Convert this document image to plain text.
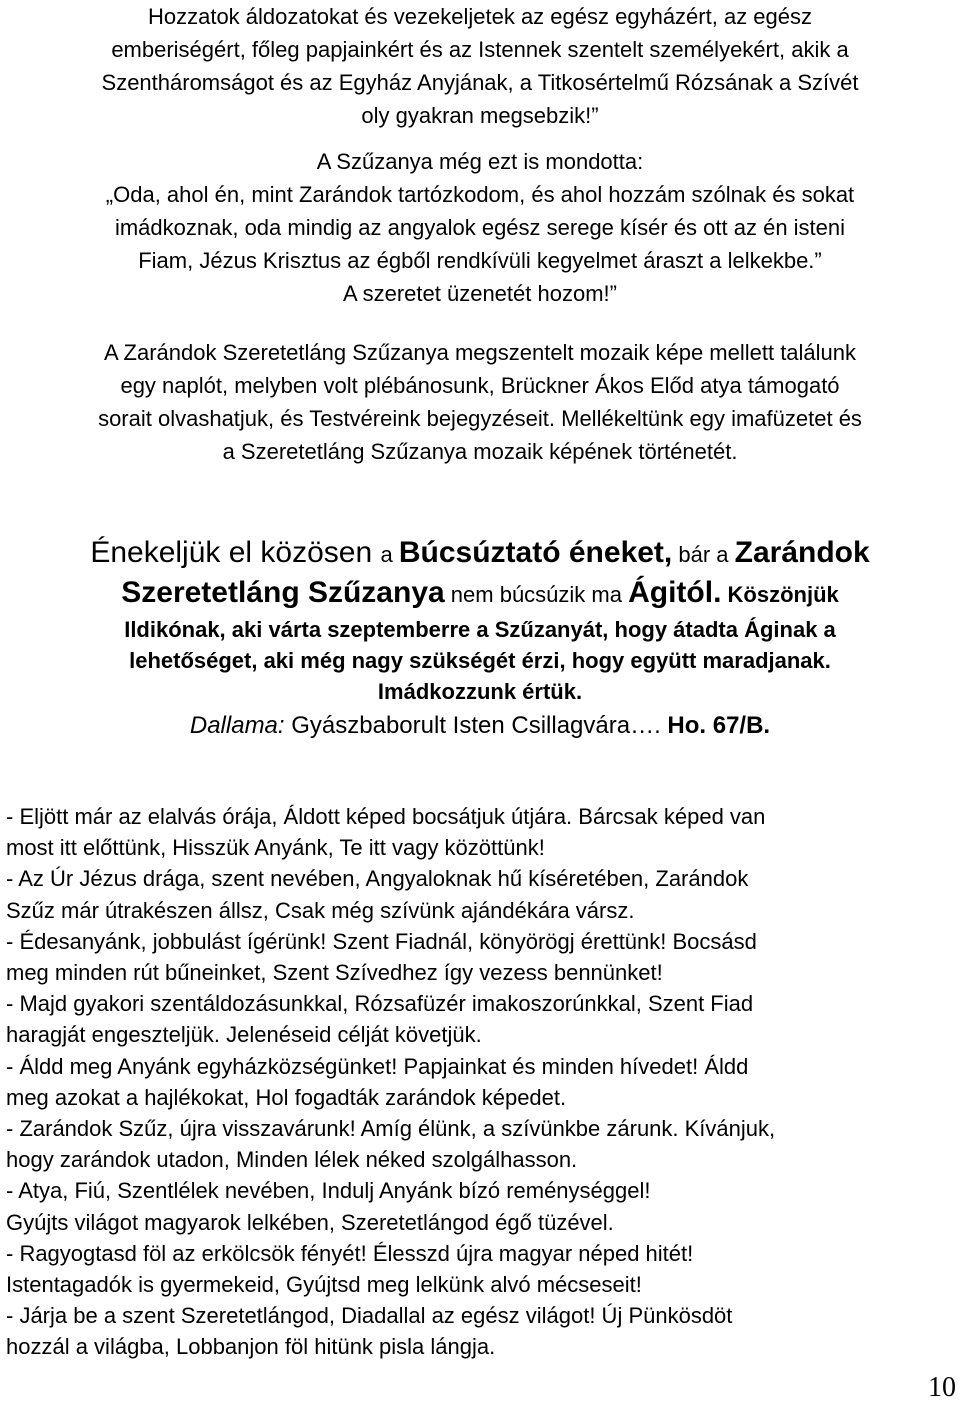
Hozzatok áldozatokat és vezekeljetek az egész egyházért, az egész
emberiségért, főleg papjainkért és az Istennek szentelt személyekért, akik a
Szentháromságot és az Egyház Anyjának, a Titkosértelmű Rózsának a Szívét
oly gyakran megsebzik!”
A Szűzanya még ezt is mondotta:
„Oda, ahol én, mint Zarándok tartózkodom, és ahol hozzám szólnak és sokat
imádkoznak, oda mindig az angyalok egész serege kísér és ott az én isteni
Fiam, Jézus Krisztus az égből rendkívüli kegyelmet áraszt a lelkekbe.”
A szeretet üzenetét hozom!”
A Zarándok Szeretetláng Szűzanya megszentelt mozaik képe mellett találunk
egy naplót, melyben volt plébánosunk, Brückner Ákos Előd atya támogató
sorait olvashatjuk, és Testvéreink bejegyzéseit. Mellékeltünk egy imafüzetet és
a Szeretetláng Szűzanya mozaik képének történetét.
Énekeljük el közösen a Búcsúztató éneket, bár a Zarándok
Szeretetláng Szűzanya nem búcsúzik ma Ágitól. Köszönjük
Ildikónak, aki várta szeptemberre a Szűzanyát, hogy átadta Áginak a
lehetőséget, aki még nagy szükségét érzi, hogy együtt maradjanak.
Imádkozzunk értük.
Dallama: Gyászbaborult Isten Csillagvára…. Ho. 67/B.
- Eljött már az elalvás órája, Áldott képed bocsátjuk útjára. Bárcsak képed van
most itt előttünk, Hisszük Anyánk, Te itt vagy közöttünk!
- Az Úr Jézus drága, szent nevében, Angyaloknak hű kíséretében, Zarándok
Szűz már útrakészen állsz, Csak még szívünk ajándékára vársz.
- Édesanyánk, jobbulást ígérünk! Szent Fiadnál, könyörögj érettünk! Bocsásd
meg minden rút bűneinket, Szent Szívedhez így vezess bennünket!
- Majd gyakori szentáldozásunkkal, Rózsafüzér imakoszorúnkkal, Szent Fiad
haragját engeszteljük. Jelenéseid célját követjük.
- Áldd meg Anyánk egyházközségünket! Papjainkat és minden hívedet! Áldd
meg azokat a hajlékokat, Hol fogadták zarándok képedet.
- Zarándok Szűz, újra visszavárunk! Amíg élünk, a szívünkbe zárunk. Kívánjuk,
hogy zarándok utadon, Minden lélek néked szolgálhasson.
- Atya, Fiú, Szentlélek nevében, Indulj Anyánk bízó reménységgel!
Gyújts világot magyarok lelkében, Szeretetlángod égő tüzével.
- Ragyogtasd föl az erkölcsök fényét! Élesszd újra magyar néped hitét!
Istentagadók is gyermekeid, Gyújtsd meg lelkünk alvó mécseseit!
- Járja be a szent Szeretetlángod, Diadallal az egész világot! Új Pünkösdöt
hozzál a világba, Lobbanjon föl hitünk pisla lángja.
10
